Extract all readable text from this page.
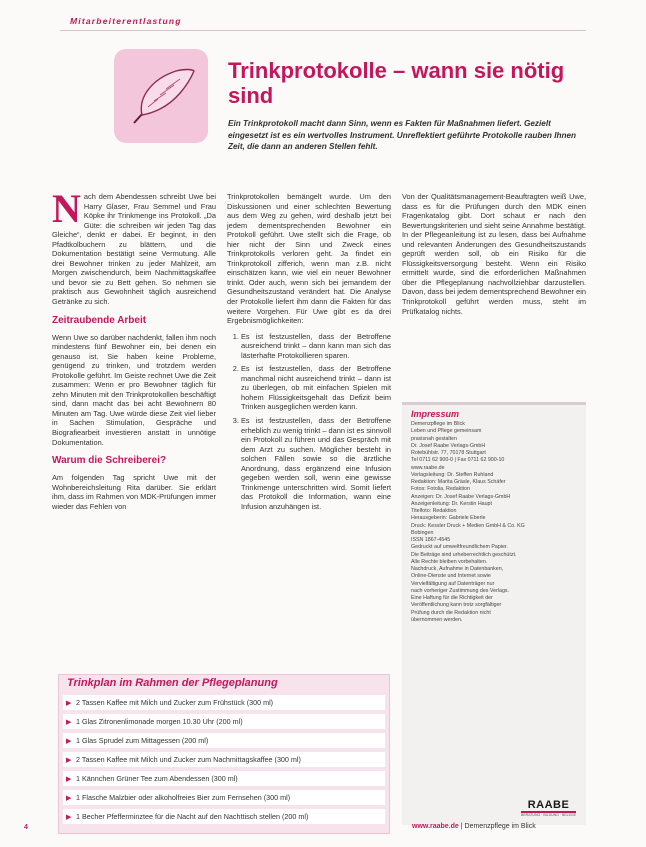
Mitarbeiterentlastung
Trinkprotokolle – wann sie nötig sind
Ein Trinkprotokoll macht dann Sinn, wenn es Fakten für Maßnahmen liefert. Gezielt eingesetzt ist es ein wertvolles Instrument. Unreflektiert geführte Protokolle rauben Ihnen Zeit, die dann an anderen Stellen fehlt.
N ach dem Abendessen schreibt Uwe bei Harry Glaser, Frau Semmel und Frau Köpke ihr Trinkmenge ins Protokoll. „Da Güte: die schreiben wir jeden Tag das Gleiche“, denkt er dabei. Er beginnt, in den Pfadtkolbuchern zu blättern, und die Dokumentation bestätigt seine Vermutung. Alle drei Bewohner trinken zu jeder Mahlzeit, am Morgen zwischendurch, beim Nachmittagskaffee und bevor sie zu Bett gehen. So nehmen sie praktisch aus Gewohnheit täglich ausreichend Getränke zu sich.

Zeitraubende Arbeit

Wenn Uwe so darüber nachdenkt, fallen ihm noch mindestens fünf Bewohner ein, bei denen ein genauso ist. Sie haben keine Probleme, genügend zu trinken, und trotzdem werden Protokolle geführt. Im Geiste rechnet Uwe die Zeit zusammen: Wenn er pro Bewohner täglich für zehn Minuten mit den Trinkprotokollen beschäftigt sind, dann macht das bei acht Bewohnern 80 Minuten am Tag. Uwe würde diese Zeit viel lieber in Sachen Stimulation, Gespräche und Biografiearbeit investieren anstatt in unnötige Dokumentation.

Warum die Schreiberei?

Am folgenden Tag spricht Uwe mit der Wohnbereichsleitung Rita darüber. Sie erklärt ihm, dass im Rahmen von MDK-Prüfungen immer wieder das Fehlen von

Trinkprotokollen bemängelt wurde. Um den Diskussionen und einer schlechten Bewertung aus dem Weg zu gehen, wird deshalb jetzt bei jedem dementsprechenden Bewohner ein Protokoll geführt. Uwe stellt sich die Frage, ob hier nicht der Sinn und Zweck eines Trinkprotokolls verloren geht. Ja findet ein Trinkprotokoll zifferich, wenn man z.B. nicht einschätzen kann, wie viel ein neuer Bewohner trinkt. Oder auch, wenn sich bei jemandem der Gesundheitszustand verändert hat. Die Analyse der Protokolle liefert ihm dann die Fakten für das weitere Vorgehen. Für Uwe gibt es da drei Ergebnismöglichkeiten:

1. Es ist festzustellen, dass der Betroffene ausreichend trinkt – dann kann man sich das lästerhafte Protokollieren sparen.
2. Es ist festzustellen, dass der Betroffene manchmal nicht ausreichend trinkt – dann ist zu überlegen, ob mit einfachen Spielen mit hohem Flüssigkeitsgehalt das Defizit beim Trinken ausgeglichen werden kann.
3. Es ist festzustellen, dass der Betroffene erheblich zu wenig trinkt – dann ist es sinnvoll ein Protokoll zu führen und das Gespräch mit dem Arzt zu suchen. Möglicher besteht in solchen Fällen sowie so die ärztliche Anordnung, dass ergänzend eine Infusion gegeben werden soll, wenn eine gewisse Trinkmenge unterschritten wird. Somit liefert das Protokoll die Information, wann eine Infusion anzuhängen ist.

Von der Qualitätsmanagement-Beauftragten weiß Uwe, dass es für die Prüfungen durch den MDK einen Fragenkatalog gibt. Dort schaut er nach den Bewertungskriterien und sieht seine Annahme bestätigt. In der Pflegeanleitung ist zu lesen, dass bei Aufnahme und relevanten Änderungen des Gesundheitszustands geprüft werden soll, ob ein Risiko für die Flüssigkeitsversorgung besteht. Wenn ein Risiko ermittelt wurde, sind die erforderlichen Maßnahmen über die Pflegeplanung nachvollziehbar darzustellen. Davon, dass bei jedem dementsprechend Bewohner ein Trinkprotokoll geführt werden muss, steht im Prüfkatalog nichts.

Impressum
Demenzpflege im Blick
Leben und Pflege gemeinsam
praxisnah gestalten
Dr. Josef Raabe Verlags-GmbH
Rotebühlstr. 77, 70178 Stuttgart
Tel 0711 62 900-0 | Fax 0711 62 900-10
www.raabe.de
Verlagsleitung: Dr. Steffen Ruhland
Redaktion: Marita Gräsle, Klaus Schäfer
Fotos: Fotolia, Redaktion
Anzeigen: Dr. Josef Raabe Verlags-GmbH
Anzeigenleitung: Dr. Kerstin Haupt
Titelfoto: Redaktion
Herausgeberin: Gabriele Eberle
Druck: Kessler Druck + Medien GmbH & Co. KG
Bobingen
ISSN 1867-4545
Gedruckt auf umweltfreundlichem Papier.
Die Beiträge sind urheberrechtlich geschützt.
Alle Rechte bleiben vorbehalten.
Nachdruck, Aufnahme in Datenbanken,
Online-Dienste und Internet sowie
Vervielfältigung auf Datenträger nur
nach vorheriger Zustimmung des Verlags.
Eine Haftung für die Richtigkeit der
Veröffentlichung kann trotz sorgfältiger
Prüfung durch die Redaktion nicht
übernommen werden.
RAABE
BERATUNG · BILDUNG · BELEGE
Trinkplan im Rahmen der Pflegeplanung
▶ 2 Tassen Kaffee mit Milch und Zucker zum Frühstück (300 ml)
▶ 1 Glas Zitronenlimonade morgen 10.30 Uhr (200 ml)
▶ 1 Glas Sprudel zum Mittagessen (200 ml)
▶ 2 Tassen Kaffee mit Milch und Zucker zum Nachmittagskaffee (300 ml)
▶ 1 Kännchen Grüner Tee zum Abendessen (300 ml)
▶ 1 Flasche Malzbier oder alkoholfreies Bier zum Fernsehen (300 ml)
▶ 1 Becher Pfefferminztee für die Nacht auf den Nachttisch stellen (200 ml)
4	www.raabe.de | Demenzpflege im Blick
